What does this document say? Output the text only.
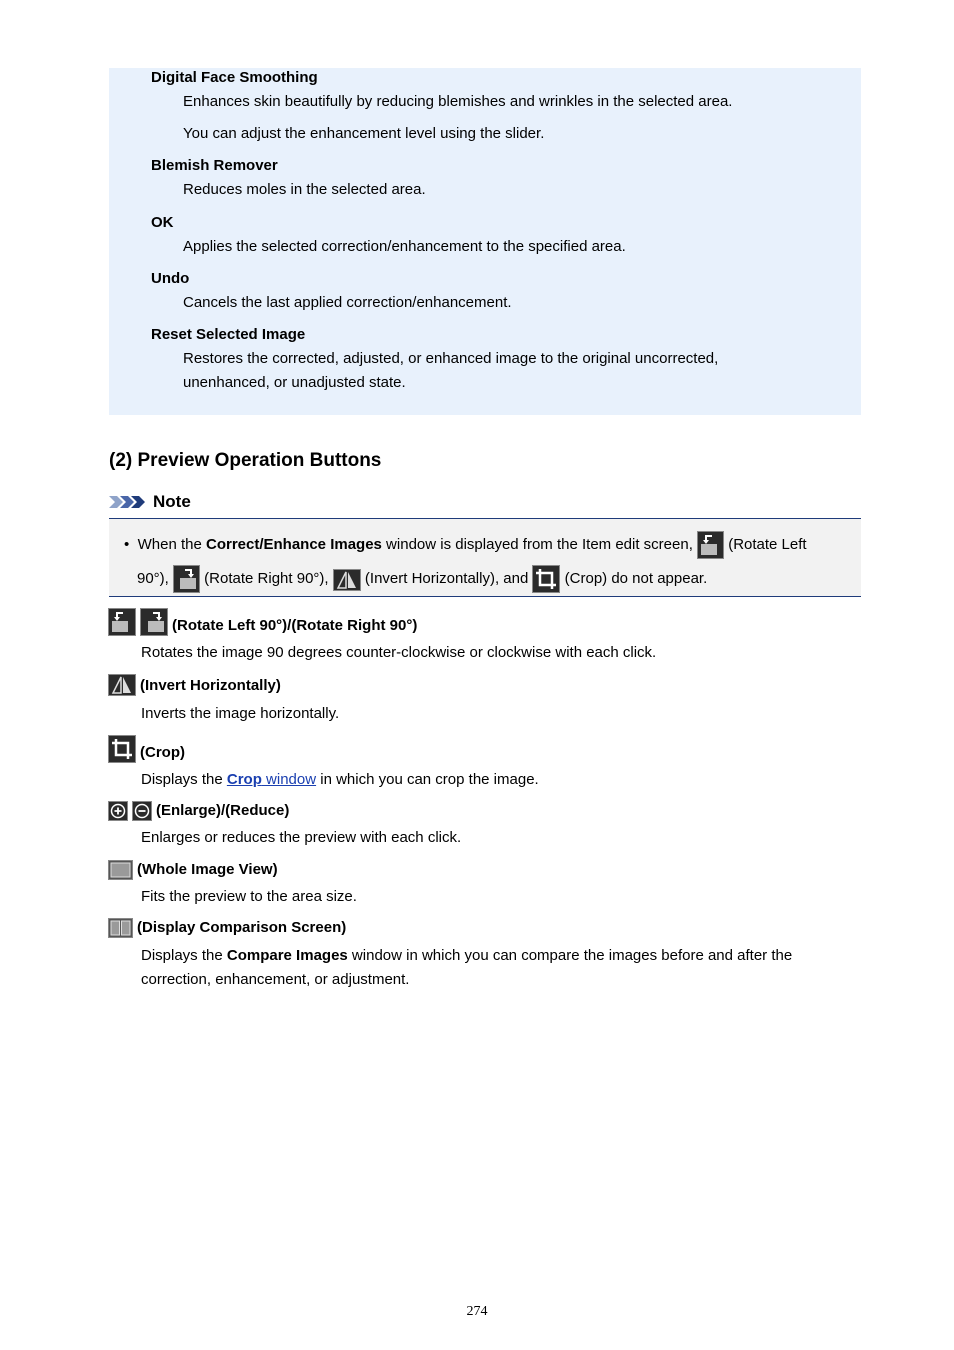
Digital Face Smoothing
Enhances skin beautifully by reducing blemishes and wrinkles in the selected area.
You can adjust the enhancement level using the slider.
Blemish Remover
Reduces moles in the selected area.
OK
Applies the selected correction/enhancement to the specified area.
Undo
Cancels the last applied correction/enhancement.
Reset Selected Image
Restores the corrected, adjusted, or enhanced image to the original uncorrected, unenhanced, or unadjusted state.
(2) Preview Operation Buttons
Note
• When the Correct/Enhance Images window is displayed from the Item edit screen,
(Rotate Left
90°),
(Rotate Right 90°),
(Invert Horizontally), and
(Crop) do not appear.
(Rotate Left 90°)/(Rotate Right 90°)
Rotates the image 90 degrees counter-clockwise or clockwise with each click.
(Invert Horizontally)
Inverts the image horizontally.
(Crop)
Displays the Crop window in which you can crop the image.
(Enlarge)/(Reduce)
Enlarges or reduces the preview with each click.
(Whole Image View)
Fits the preview to the area size.
(Display Comparison Screen)
Displays the Compare Images window in which you can compare the images before and after the correction, enhancement, or adjustment.
274
